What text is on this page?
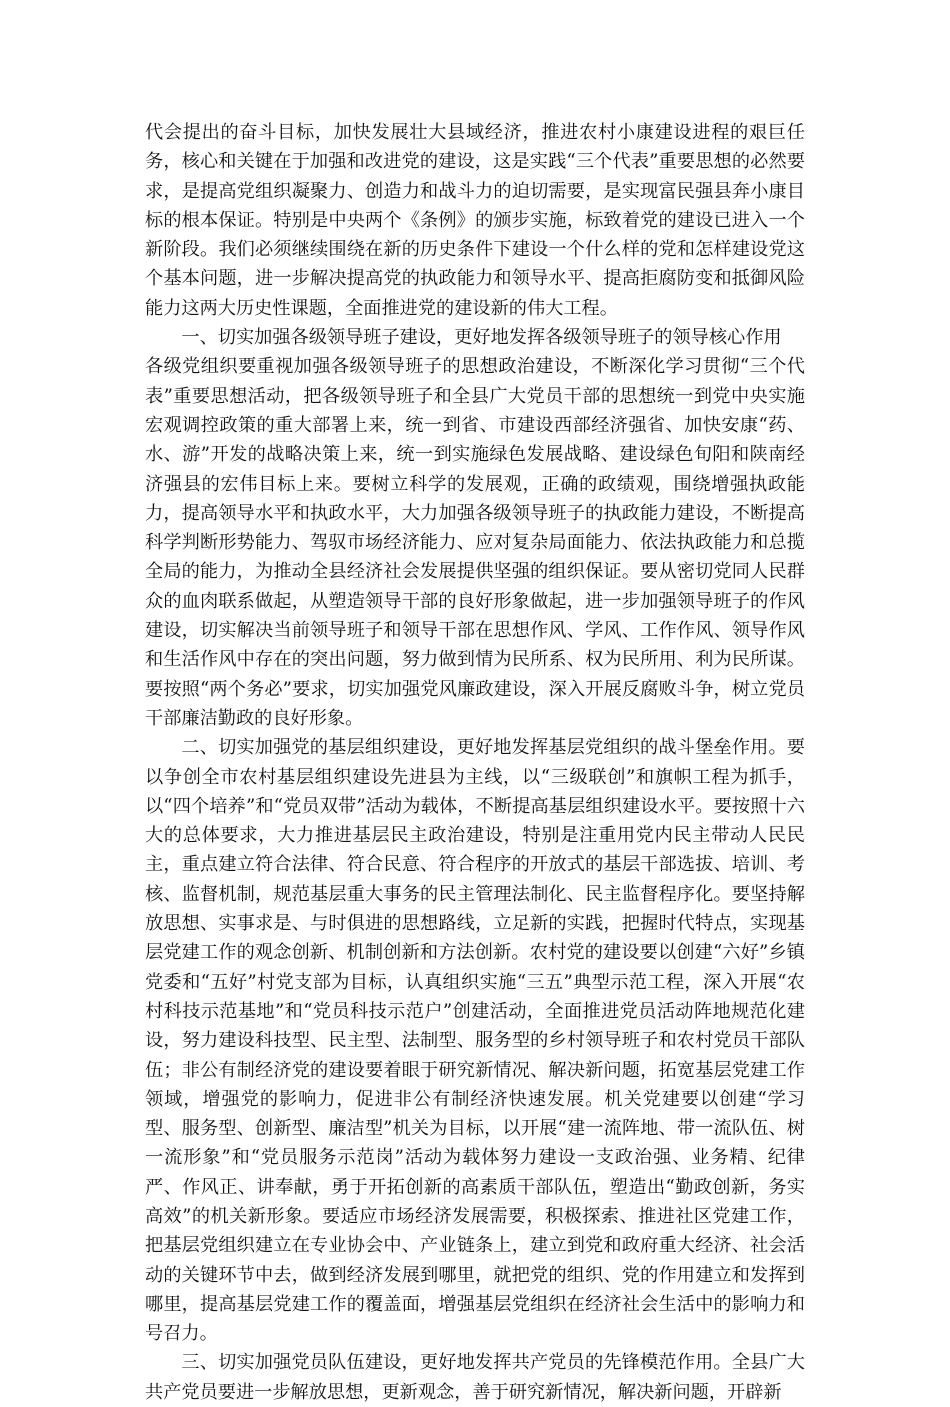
代会提出的奋斗目标，加快发展壮大县域经济，推进农村小康建设进程的艰巨任务，核心和关键在于加强和改进党的建设，这是实践“三个代表”重要思想的必然要求，是提高党组织凝聚力、创造力和战斗力的迫切需要，是实现富民强县奔小康目标的根本保证。特别是中央两个《条例》的颁步实施，标致着党的建设已进入一个新阶段。我们必须继续围绕在新的历史条件下建设一个什么样的党和怎样建设党这个基本问题，进一步解决提高党的执政能力和领导水平、提高拒腐防变和抵御风险能力这两大历史性课题，全面推进党的建设新的伟大工程。

一、切实加强各级领导班子建设，更好地发挥各级领导班子的领导核心作用
各级党组织要重视加强各级领导班子的思想政治建设，不断深化学习贯彻“三个代表”重要思想活动，把各级领导班子和全县广大党员干部的思想统一到党中央实施宏观调控政策的重大部署上来，统一到省、市建设西部经济强省、加快安康“药、水、游”开发的战略决策上来，统一到实施绿色发展战略、建设绿色旬阳和陕南经济强县的宏伟目标上来。要树立科学的发展观，正确的政绩观，围绕增强执政能力，提高领导水平和执政水平，大力加强各级领导班子的执政能力建设，不断提高科学判断形势能力、驾驭市场经济能力、应对复杂局面能力、依法执政能力和总揽全局的能力，为推动全县经济社会发展提供坚强的组织保证。要从密切党同人民群众的血肉联系做起，从塑造领导干部的良好形象做起，进一步加强领导班子的作风建设，切实解决当前领导班子和领导干部在思想作风、学风、工作作风、领导作风和生活作风中存在的突出问题，努力做到情为民所系、权为民所用、利为民所谋。要按照“两个务必”要求，切实加强党风廉政建设，深入开展反腐败斗争，树立党员干部廉洁勤政的良好形象。

二、切实加强党的基层组织建设，更好地发挥基层党组织的战斗堡垒作用。要以争创全市农村基层组织建设先进县为主线，以“三级联创”和旗帜工程为抓手，以“四个培养”和“党员双带”活动为载体，不断提高基层组织建设水平。要按照十六大的总体要求，大力推进基层民主政治建设，特别是注重用党内民主带动人民民主，重点建立符合法律、符合民意、符合程序的开放式的基层干部选拔、培训、考核、监督机制，规范基层重大事务的民主管理法制化、民主监督程序化。要坚持解放思想、实事求是、与时俱进的思想路线，立足新的实践，把握时代特点，实现基层党建工作的观念创新、机制创新和方法创新。农村党的建设要以创建“六好”乡镇党委和“五好”村党支部为目标，认真组织实施“三五”典型示范工程，深入开展“农村科技示范基地”和“党员科技示范户”创建活动，全面推进党员活动阵地规范化建设，努力建设科技型、民主型、法制型、服务型的乡村领导班子和农村党员干部队伍；非公有制经济党的建设要着眼于研究新情况、解决新问题，拓宽基层党建工作领域，增强党的影响力，促进非公有制经济快速发展。机关党建要以创建“学习型、服务型、创新型、廉洁型”机关为目标，以开展“建一流阵地、带一流队伍、树一流形象”和“党员服务示范岗”活动为载体努力建设一支政治强、业务精、纪律严、作风正、讲奉献，勇于开拓创新的高素质干部队伍，塑造出“勤政创新，务实高效”的机关新形象。要适应市场经济发展需要，积极探索、推进社区党建工作，把基层党组织建立在专业协会中、产业链条上，建立到党和政府重大经济、社会活动的关键环节中去，做到经济发展到哪里，就把党的组织、党的作用建立和发挥到哪里，提高基层党建工作的覆盖面，增强基层党组织在经济社会生活中的影响力和号召力。

三、切实加强党员队伍建设，更好地发挥共产党员的先锋模范作用。全县广大共产党员要进一步解放思想，更新观念，善于研究新情况，解决新问题，开辟新
